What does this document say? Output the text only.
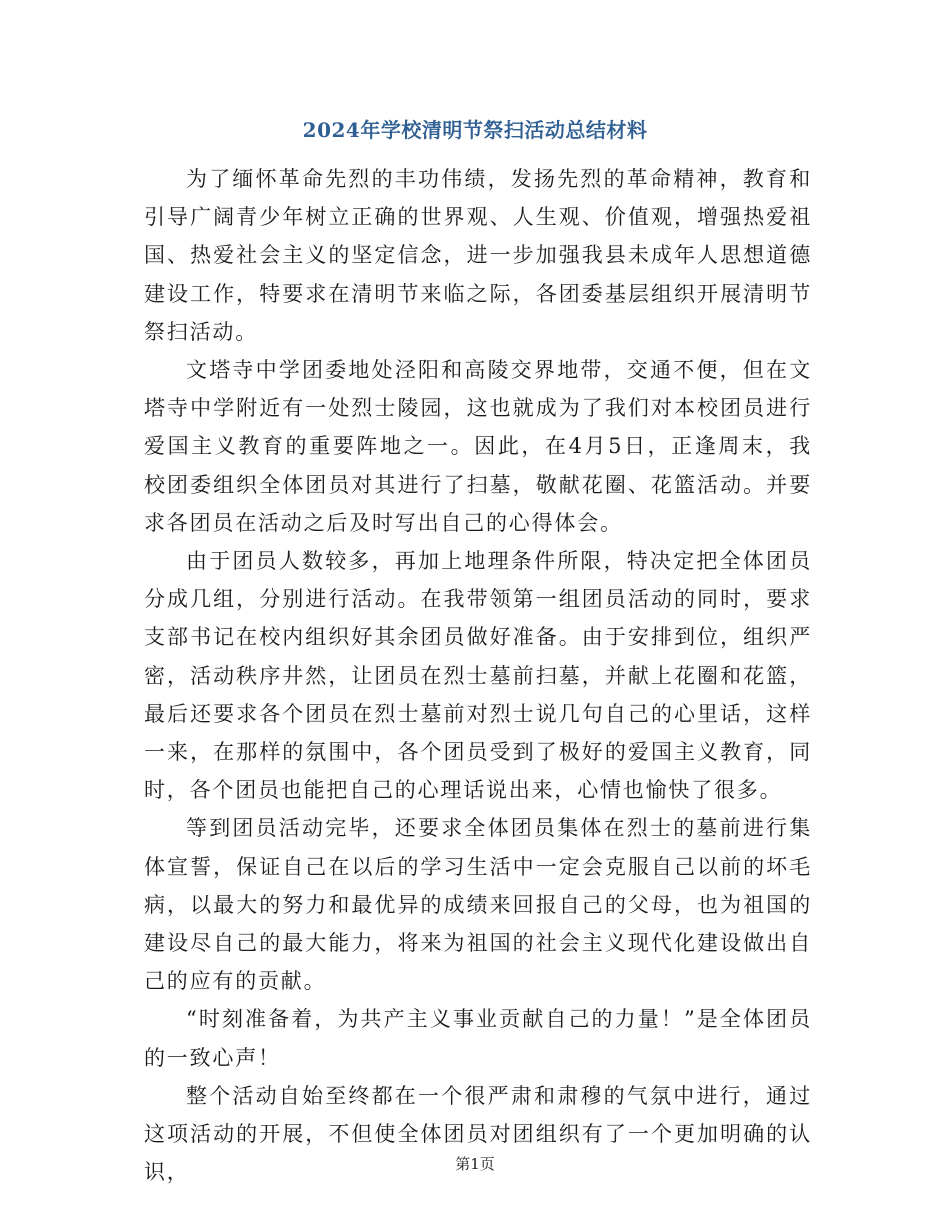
2024年学校清明节祭扫活动总结材料

为了缅怀革命先烈的丰功伟绩，发扬先烈的革命精神，教育和引导广阔青少年树立正确的世界观、人生观、价值观，增强热爱祖国、热爱社会主义的坚定信念，进一步加强我县未成年人思想道德建设工作，特要求在清明节来临之际，各团委基层组织开展清明节祭扫活动。

文塔寺中学团委地处泾阳和高陵交界地带，交通不便，但在文塔寺中学附近有一处烈士陵园，这也就成为了我们对本校团员进行爱国主义教育的重要阵地之一。因此，在4月5日，正逢周末，我校团委组织全体团员对其进行了扫墓，敬献花圈、花篮活动。并要求各团员在活动之后及时写出自己的心得体会。

由于团员人数较多，再加上地理条件所限，特决定把全体团员分成几组，分别进行活动。在我带领第一组团员活动的同时，要求支部书记在校内组织好其余团员做好准备。由于安排到位，组织严密，活动秩序井然，让团员在烈士墓前扫墓，并献上花圈和花篮，最后还要求各个团员在烈士墓前对烈士说几句自己的心里话，这样一来，在那样的氛围中，各个团员受到了极好的爱国主义教育，同时，各个团员也能把自己的心理话说出来，心情也愉快了很多。

等到团员活动完毕，还要求全体团员集体在烈士的墓前进行集体宣誓，保证自己在以后的学习生活中一定会克服自己以前的坏毛病，以最大的努力和最优异的成绩来回报自己的父母，也为祖国的建设尽自己的最大能力，将来为祖国的社会主义现代化建设做出自己的应有的贡献。

“时刻准备着，为共产主义事业贡献自己的力量！”是全体团员的一致心声！

整个活动自始至终都在一个很严肃和肃穆的气氛中进行，通过这项活动的开展，不但使全体团员对团组织有了一个更加明确的认识，	第1页
